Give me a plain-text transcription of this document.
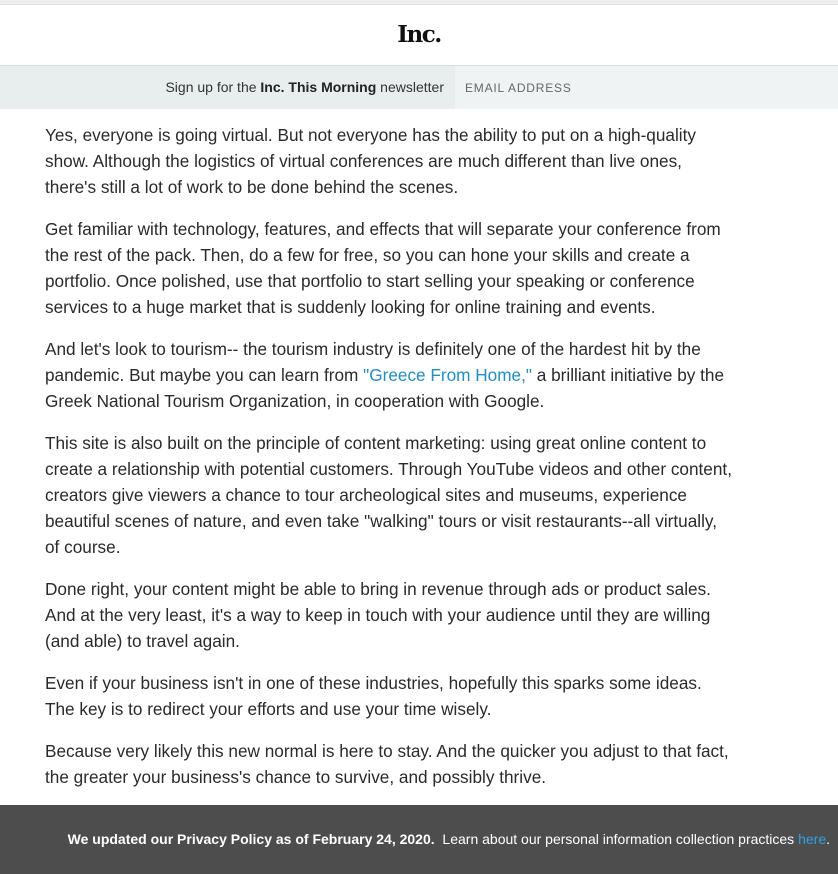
Inc.
Sign up for the Inc. This Morning newsletter
EMAIL ADDRESS

Yes, everyone is going virtual. But not everyone has the ability to put on a high-quality show. Although the logistics of virtual conferences are much different than live ones, there's still a lot of work to be done behind the scenes.

Get familiar with technology, features, and effects that will separate your conference from the rest of the pack. Then, do a few for free, so you can hone your skills and create a portfolio. Once polished, use that portfolio to start selling your speaking or conference services to a huge market that is suddenly looking for online training and events.

And let's look to tourism-- the tourism industry is definitely one of the hardest hit by the pandemic. But maybe you can learn from "Greece From Home," a brilliant initiative by the Greek National Tourism Organization, in cooperation with Google.

This site is also built on the principle of content marketing: using great online content to create a relationship with potential customers. Through YouTube videos and other content, creators give viewers a chance to tour archeological sites and museums, experience beautiful scenes of nature, and even take "walking" tours or visit restaurants--all virtually, of course.

Done right, your content might be able to bring in revenue through ads or product sales. And at the very least, it's a way to keep in touch with your audience until they are willing (and able) to travel again.

Even if your business isn't in one of these industries, hopefully this sparks some ideas. The key is to redirect your efforts and use your time wisely.

Because very likely this new normal is here to stay. And the quicker you adjust to that fact, the greater your business's chance to survive, and possibly thrive.

We updated our Privacy Policy as of February 24, 2020.  Learn about our personal information collection practices here.
